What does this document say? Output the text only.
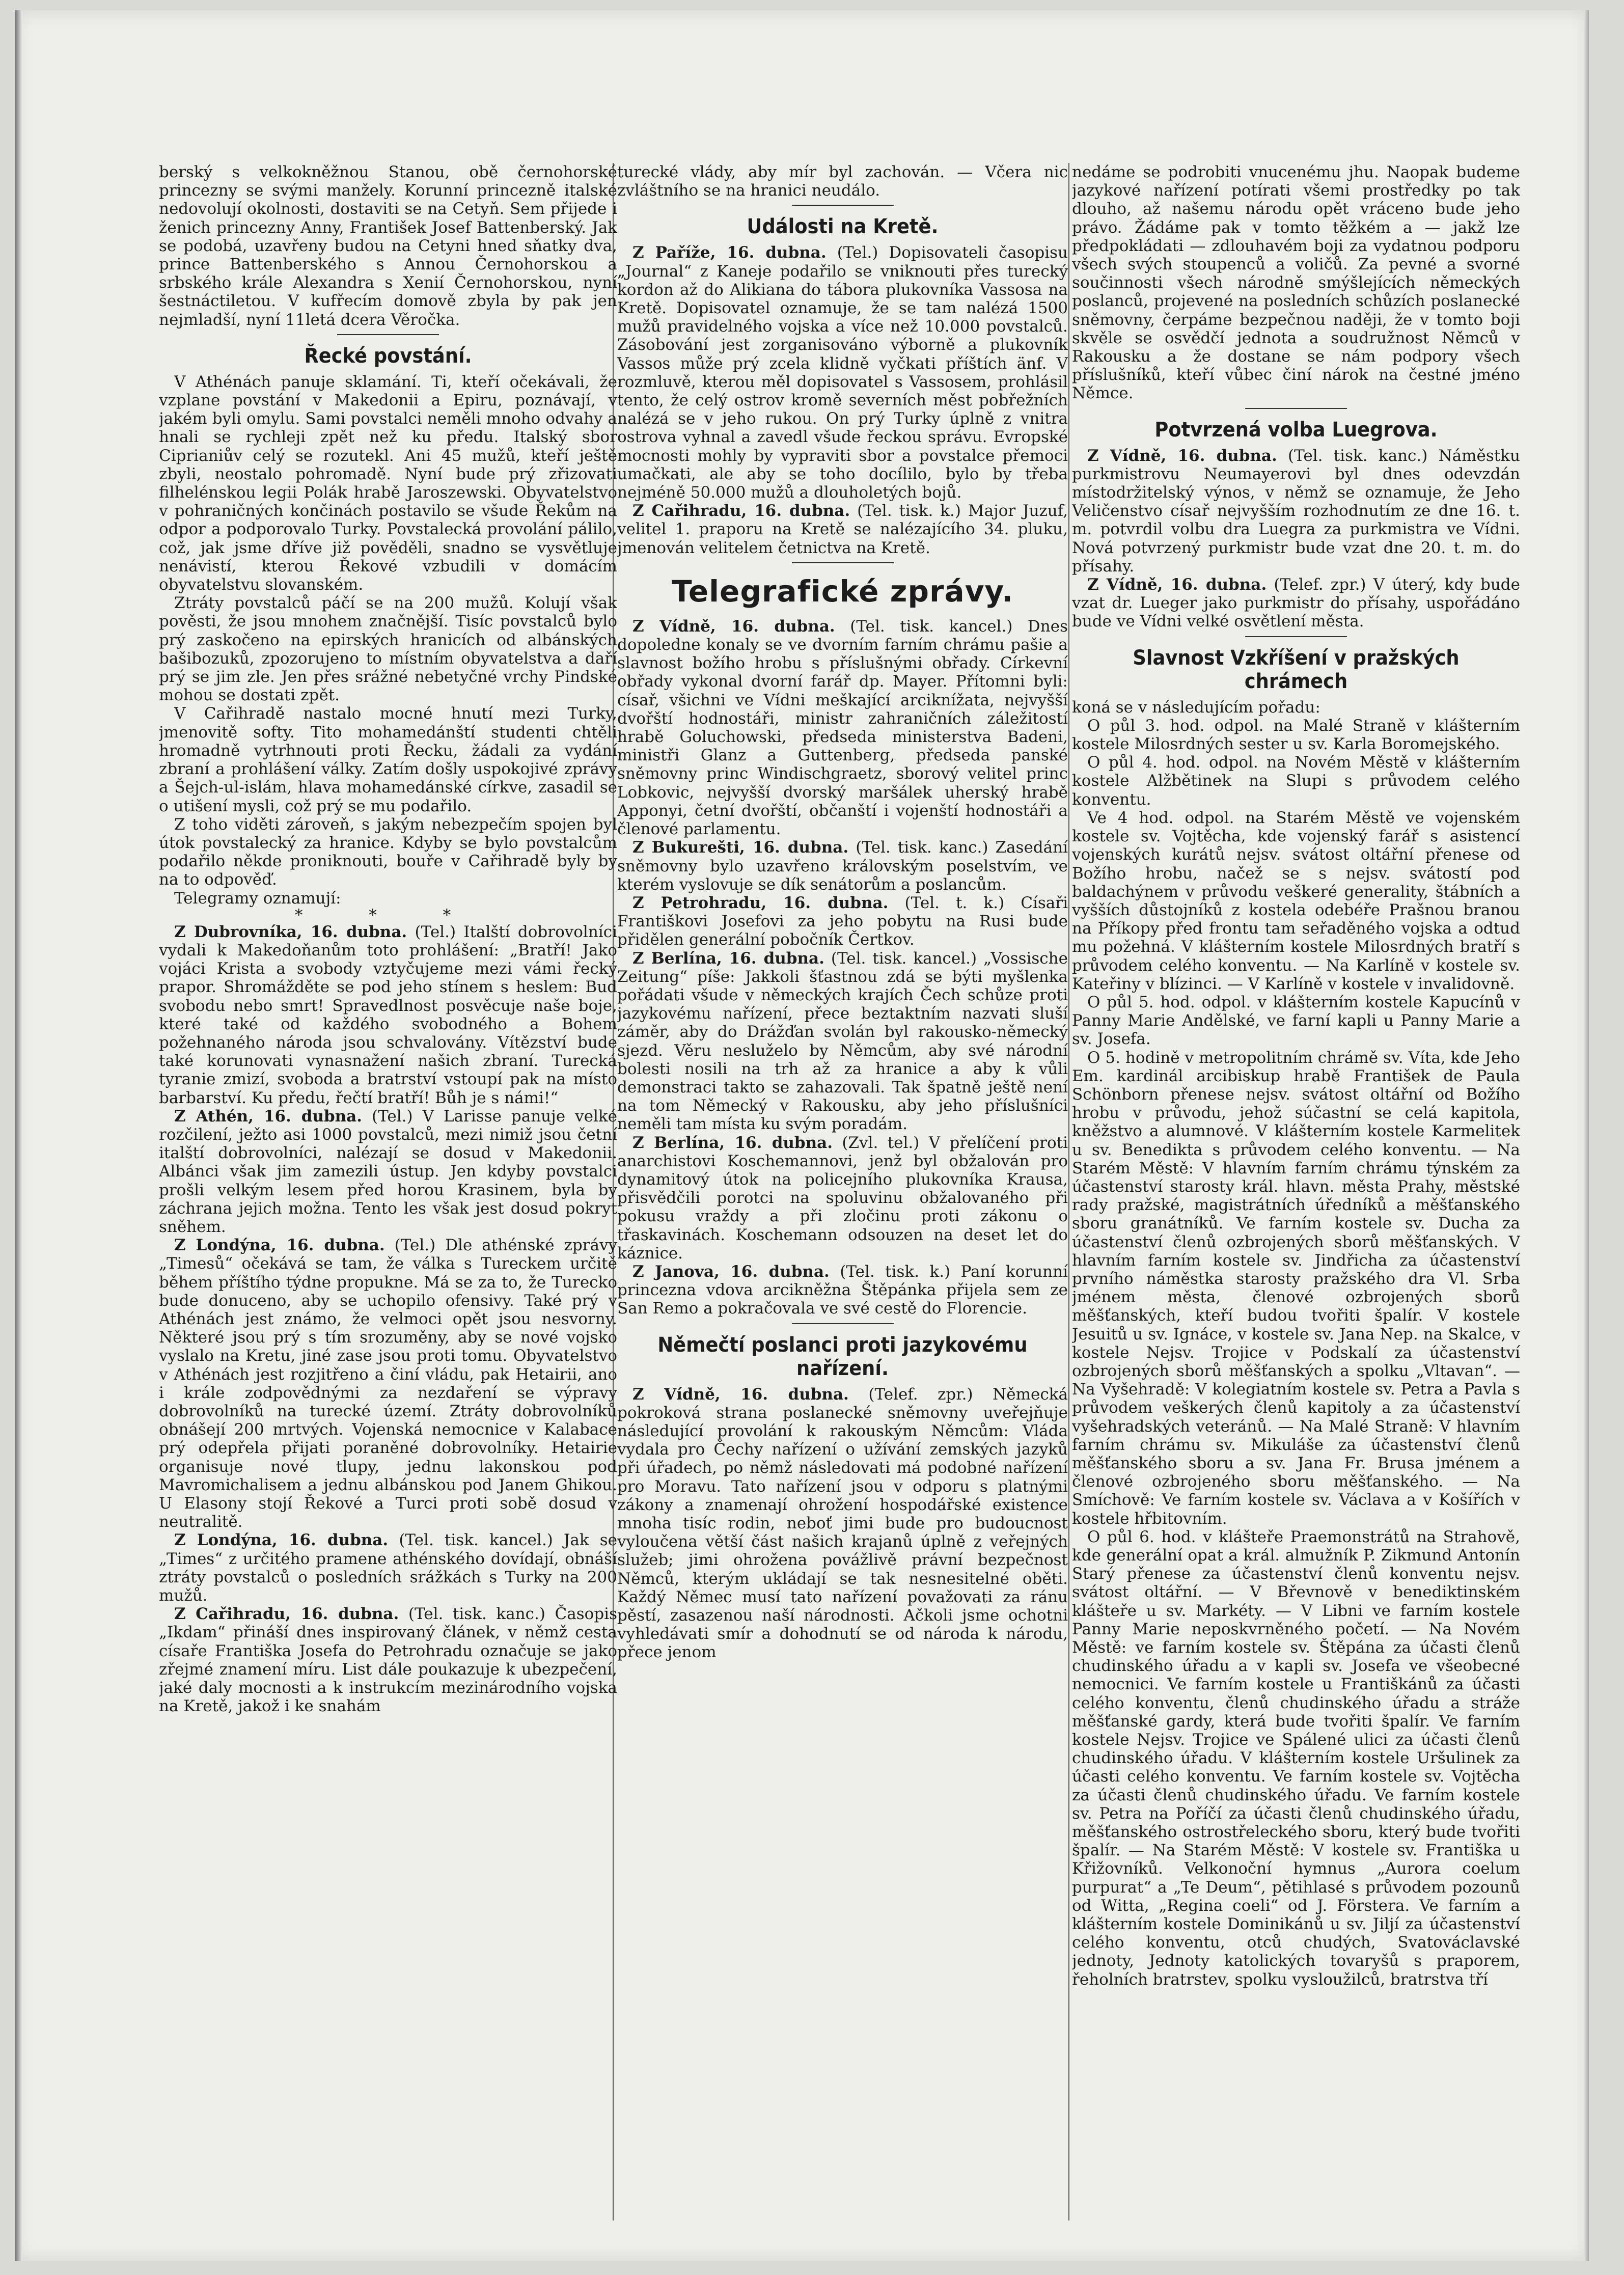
berský s velkokněžnou Stanou, obě černohorské princezny se svými manžely. Korunní princezně italské nedovolují okolnosti, dostaviti se na Cetyň. Sem přijede i ženich princezny Anny, František Josef Battenberský. Jak se podobá, uzavřeny budou na Cetyni hned sňatky dva, prince Battenberského s Annou Černohorskou a srbského krále Alexandra s Xenií Černohorskou, nyní šestnáctiletou. V kufřecím domově zbyla by pak jen nejmladší, nyní 11letá dcera Věročka.

Řecké povstání.

V Athénách panuje sklamání. Ti, kteří očekávali, že vzplane povstání v Makedonii a Epiru, poznávají, v jakém byli omylu. Sami povstalci neměli mnoho odvahy a hnali se rychleji zpět než ku předu. Italský sbor Ciprianiův celý se rozutekl. Ani 45 mužů, kteří ještě zbyli, neostalo pohromadě. Nyní bude prý zřizovati filhelénskou legii Polák hrabě Jaroszewski. Obyvatelstvo v pohraničných končinách postavilo se všude Řekům na odpor a podporovalo Turky. Povstalecká provolání pálilo, což, jak jsme dříve již pověděli, snadno se vysvětluje nenávistí, kterou Řekové vzbudili v domácím obyvatelstvu slovanském.

Ztráty povstalců páčí se na 200 mužů. Kolují však pověsti, že jsou mnohem značnější. Tisíc povstalců bylo prý zaskočeno na epirských hranicích od albánských bašibozuků, zpozorujeno to místním obyvatelstva a daří prý se jim zle. Jen přes srážné nebetyčné vrchy Pindské mohou se dostati zpět.

V Cařihradě nastalo mocné hnutí mezi Turky, jmenovitě softy. Tito mohamedánští studenti chtěli hromadně vytrhnouti proti Řecku, žádali za vydání zbraní a prohlášení války. Zatím došly uspokojivé zprávy a Šejch-ul-islám, hlava mohamedánské církve, zasadil se o utišení mysli, což prý se mu podařilo.

Z toho viděti zároveň, s jakým nebezpečím spojen byl útok povstalecký za hranice. Kdyby se bylo povstalcům podařilo někde proniknouti, bouře v Cařihradě byly by na to odpověď.

Telegramy oznamují:

* * *

Z Dubrovníka, 16. dubna. (Tel.) Italští dobrovolníci vydali k Makedoňanům toto prohlášení: „Bratří! Jako vojáci Krista a svobody vztyčujeme mezi vámi řecký prapor. Shromážděte se pod jeho stínem s heslem: Buď svobodu nebo smrt! Spravedlnost posvěcuje naše boje, které také od každého svobodného a Bohem požehnaného národa jsou schvalovány. Vítězství bude také korunovati vynasnažení našich zbraní. Turecká tyranie zmizí, svoboda a bratrství vstoupí pak na místo barbarství. Ku předu, řečtí bratří! Bůh je s námi!“

Z Athén, 16. dubna. (Tel.) V Larisse panuje velké rozčilení, ježto asi 1000 povstalců, mezi nimiž jsou četní italští dobrovolníci, nalézají se dosud v Makedonii. Albánci však jim zamezili ústup. Jen kdyby povstalci prošli velkým lesem před horou Krasinem, byla by záchrana jejich možna. Tento les však jest dosud pokryt sněhem.

Z Londýna, 16. dubna. (Tel.) Dle athénské zprávy „Timesů“ očekává se tam, že válka s Tureckem určitě během příštího týdne propukne. Má se za to, že Turecko bude donuceno, aby se uchopilo ofensivy. Také prý v Athénách jest známo, že velmoci opět jsou nesvorny. Některé jsou prý s tím srozuměny, aby se nové vojsko vyslalo na Kretu, jiné zase jsou proti tomu. Obyvatelstvo v Athénách jest rozjitřeno a činí vládu, pak Hetairii, ano i krále zodpovědnými za nezdaření se výpravy dobrovolníků na turecké území. Ztráty dobrovolníků obnášejí 200 mrtvých. Vojenská nemocnice v Kalabace prý odepřela přijati poraněné dobrovolníky. Hetairie organisuje nové tlupy, jednu lakonskou pod Mavromichalisem a jednu albánskou pod Janem Ghikou. U Elasony stojí Řekové a Turci proti sobě dosud v neutralitě.

Z Londýna, 16. dubna. (Tel. tisk. kancel.) Jak se „Times“ z určitého pramene athénského dovídají, obnáší ztráty povstalců o posledních srážkách s Turky na 200 mužů.

Z Cařihradu, 16. dubna. (Tel. tisk. kanc.) Časopis „Ikdam“ přináší dnes inspirovaný článek, v němž cesta císaře Františka Josefa do Petrohradu označuje se jako zřejmé znamení míru. List dále poukazuje k ubezpečení, jaké daly mocnosti a k instrukcím mezinárodního vojska na Kretě, jakož i ke snahám

turecké vlády, aby mír byl zachován. — Včera nic zvláštního se na hranici neudálo.

Události na Kretě.

Z Paříže, 16. dubna. (Tel.) Dopisovateli časopisu „Journal“ z Kaneje podařilo se vniknouti přes turecký kordon až do Alikiana do tábora plukovníka Vassosa na Kretě. Dopisovatel oznamuje, že se tam nalézá 1500 mužů pravidelného vojska a více než 10.000 povstalců. Zásobování jest zorganisováno výborně a plukovník Vassos může prý zcela klidně vyčkati příštích änf. V rozmluvě, kterou měl dopisovatel s Vassosem, prohlásil tento, že celý ostrov kromě severních měst pobřežních nalézá se v jeho rukou. On prý Turky úplně z vnitra ostrova vyhnal a zavedl všude řeckou správu. Evropské mocnosti mohly by vypraviti sbor a povstalce přemoci umačkati, ale aby se toho docílilo, bylo by třeba nejméně 50.000 mužů a dlouholetých bojů.

Z Cařihradu, 16. dubna. (Tel. tisk. k.) Major Juzuf, velitel 1. praporu na Kretě se nalézajícího 34. pluku, jmenován velitelem četnictva na Kretě.

Telegrafické zprávy.

Z Vídně, 16. dubna. (Tel. tisk. kancel.) Dnes dopoledne konaly se ve dvorním farním chrámu pašie a slavnost božího hrobu s příslušnými obřady. Církevní obřady vykonal dvorní farář dp. Mayer. Přítomni byli: císař, všichni ve Vídni meškající arciknížata, nejvyšší dvořští hodnostáři, ministr zahraničních záležitostí hrabě Goluchowski, předseda ministerstva Badeni, ministři Glanz a Guttenberg, předseda panské sněmovny princ Windischgraetz, sborový velitel princ Lobkovic, nejvyšší dvorský maršálek uherský hrabě Apponyi, četní dvořští, občanští i vojenští hodnostáři a členové parlamentu.

Z Bukurešti, 16. dubna. (Tel. tisk. kanc.) Zasedání sněmovny bylo uzavřeno královským poselstvím, ve kterém vyslovuje se dík senátorům a poslancům.

Z Petrohradu, 16. dubna. (Tel. t. k.) Císaři Františkovi Josefovi za jeho pobytu na Rusi bude přidělen generální pobočník Čertkov.

Z Berlína, 16. dubna. (Tel. tisk. kancel.) „Vossische Zeitung“ píše: Jakkoli šťastnou zdá se býti myšlenka pořádati všude v německých krajích Čech schůze proti jazykovému nařízení, přece beztaktním nazvati sluší záměr, aby do Drážďan svolán byl rakousko-německý sjezd. Věru nesluželo by Němcům, aby své národní bolesti nosili na trh až za hranice a aby k vůli demonstraci takto se zahazovali. Tak špatně ještě není na tom Německý v Rakousku, aby jeho příslušníci neměli tam místa ku svým poradám.

Z Berlína, 16. dubna. (Zvl. tel.) V přelíčení proti anarchistovi Koschemannovi, jenž byl obžalován pro dynamitový útok na policejního plukovníka Krausa, přisvědčili porotci na spoluvinu obžalovaného při pokusu vraždy a při zločinu proti zákonu o třaskavinách. Koschemann odsouzen na deset let do káznice.

Z Janova, 16. dubna. (Tel. tisk. k.) Paní korunní princezna vdova arcikněžna Štěpánka přijela sem ze San Remo a pokračovala ve své cestě do Florencie.

Němečtí poslanci proti jazykovému nařízení.

Z Vídně, 16. dubna. (Telef. zpr.) Německá pokroková strana poslanecké sněmovny uveřejňuje následující provolání k rakouským Němcům: Vláda vydala pro Čechy nařízení o užívání zemských jazyků při úřadech, po němž následovati má podobné nařízení pro Moravu. Tato nařízení jsou v odporu s platnými zákony a znamenají ohrožení hospodářské existence mnoha tisíc rodin, neboť jimi bude pro budoucnost vyloučena větší část našich krajanů úplně z veřejných služeb; jimi ohrožena povážlivě právní bezpečnost Němců, kterým ukládají se tak nesnesitelné oběti. Každý Němec musí tato nařízení považovati za ránu pěstí, zasazenou naší národnosti. Ačkoli jsme ochotni vyhledávati smír a dohodnutí se od národa k národu, přece jenom

nedáme se podrobiti vnucenému jhu. Naopak budeme jazykové nařízení potírati všemi prostředky po tak dlouho, až našemu národu opět vráceno bude jeho právo. Žádáme pak v tomto těžkém a — jakž lze předpokládati — zdlouhavém boji za vydatnou podporu všech svých stoupenců a voličů. Za pevné a svorné součinnosti všech národně smýšlejících německých poslanců, projevené na posledních schůzích poslanecké sněmovny, čerpáme bezpečnou naději, že v tomto boji skvěle se osvědčí jednota a soudružnost Němců v Rakousku a že dostane se nám podpory všech příslušníků, kteří vůbec činí nárok na čestné jméno Němce.

Potvrzená volba Luegrova.

Z Vídně, 16. dubna. (Tel. tisk. kanc.) Náměstku purkmistrovu Neumayerovi byl dnes odevzdán místodržitelský výnos, v němž se oznamuje, že Jeho Veličenstvo císař nejvyšším rozhodnutím ze dne 16. t. m. potvrdil volbu dra Luegra za purkmistra ve Vídni. Nová potvrzený purkmistr bude vzat dne 20. t. m. do přísahy.

Z Vídně, 16. dubna. (Telef. zpr.) V úterý, kdy bude vzat dr. Lueger jako purkmistr do přísahy, uspořádáno bude ve Vídni velké osvětlení města.

Slavnost Vzkříšení v pražských chrámech

koná se v následujícím pořadu:

O půl 3. hod. odpol. na Malé Straně v klášterním kostele Milosrdných sester u sv. Karla Boromejského.

O půl 4. hod. odpol. na Novém Městě v klášterním kostele Alžbětinek na Slupi s průvodem celého konventu.

Ve 4 hod. odpol. na Starém Městě ve vojenském kostele sv. Vojtěcha, kde vojenský farář s asistencí vojenských kurátů nejsv. svátost oltářní přenese od Božího hrobu, načež se s nejsv. svátostí pod baldachýnem v průvodu veškeré generality, štábních a vyšších důstojníků z kostela odebéře Prašnou branou na Příkopy před frontu tam seřaděného vojska a odtud mu požehná. V klášterním kostele Milosrdných bratří s průvodem celého konventu. — Na Karlíně v kostele sv. Kateřiny v blízinci. — V Karlíně v kostele v invalidovně.

O půl 5. hod. odpol. v klášterním kostele Kapucínů v Panny Marie Andělské, ve farní kapli u Panny Marie a sv. Josefa.

O 5. hodině v metropolitním chrámě sv. Víta, kde Jeho Em. kardinál arcibiskup hrabě František de Paula Schönborn přenese nejsv. svátost oltářní od Božího hrobu v průvodu, jehož súčastní se celá kapitola, kněžstvo a alumnové. V klášterním kostele Karmelitek u sv. Benedikta s průvodem celého konventu. — Na Starém Městě: V hlavním farním chrámu týnském za účastenství starosty král. hlavn. města Prahy, městské rady pražské, magistrátních úředníků a měšťanského sboru granátníků. Ve farním kostele sv. Ducha za účastenství členů ozbrojených sborů měšťanských. V hlavním farním kostele sv. Jindřicha za účastenství prvního náměstka starosty pražského dra Vl. Srba jménem města, členové ozbrojených sborů měšťanských, kteří budou tvořiti špalír. V kostele Jesuitů u sv. Ignáce, v kostele sv. Jana Nep. na Skalce, v kostele Nejsv. Trojice v Podskalí za účastenství ozbrojených sborů měšťanských a spolku „Vltavan“. — Na Vyšehradě: V kolegiatním kostele sv. Petra a Pavla s průvodem veškerých členů kapitoly a za účastenství vyšehradských veteránů. — Na Malé Straně: V hlavním farním chrámu sv. Mikuláše za účastenství členů měšťanského sboru a sv. Jana Fr. Brusa jménem a členové ozbrojeného sboru měšťanského. — Na Smíchově: Ve farním kostele sv. Václava a v Košířích v kostele hřbitovním.

O půl 6. hod. v klášteře Praemonstrátů na Strahově, kde generální opat a král. almužník P. Zikmund Antonín Starý přenese za účastenství členů konventu nejsv. svátost oltářní. — V Břevnově v benediktinském klášteře u sv. Markéty. — V Libni ve farním kostele Panny Marie neposkvrněného početí. — Na Novém Městě: ve farním kostele sv. Štěpána za účasti členů chudinského úřadu a v kapli sv. Josefa ve všeobecné nemocnici. Ve farním kostele u Františkánů za účasti celého konventu, členů chudinského úřadu a stráže měšťanské gardy, která bude tvořiti špalír. Ve farním kostele Nejsv. Trojice ve Spálené ulici za účasti členů chudinského úřadu. V klášterním kostele Uršulinek za účasti celého konventu. Ve farním kostele sv. Vojtěcha za účasti členů chudinského úřadu. Ve farním kostele sv. Petra na Poříčí za účasti členů chudinského úřadu, měšťanského ostrostřeleckého sboru, který bude tvořiti špalír. — Na Starém Městě: V kostele sv. Františka u Křižovníků. Velkonoční hymnus „Aurora coelum purpurat“ a „Te Deum“, pětihlasé s průvodem pozounů od Witta, „Regina coeli“ od J. Förstera. Ve farním a klášterním kostele Dominikánů u sv. Jiljí za účastenství celého konventu, otců chudých, Svatováclavské jednoty, Jednoty katolických tovaryšů s praporem, řeholních bratrstev, spolku vysloužilců, bratrstva tří
